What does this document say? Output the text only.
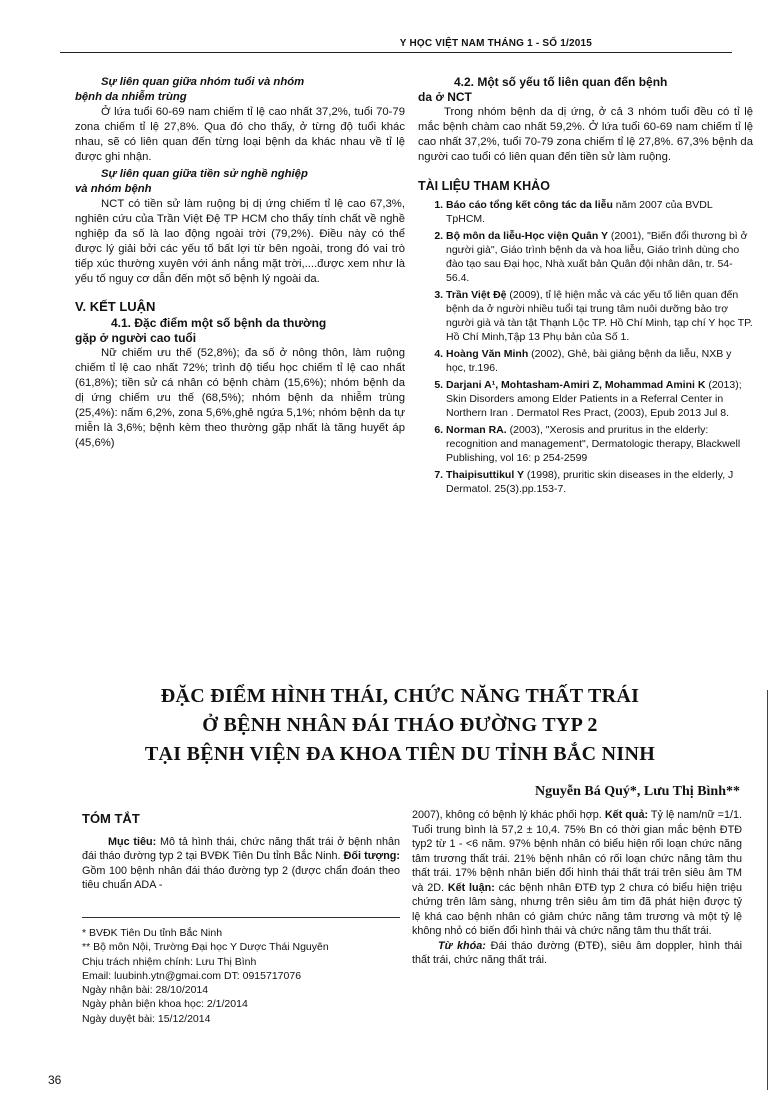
Y HỌC VIỆT NAM THÁNG 1 - SỐ 1/2015

Sự liên quan giữa nhóm tuổi và nhóm

bệnh da nhiễm trùng

Ở lứa tuổi 60-69 nam chiếm tỉ lệ cao nhất 37,2%, tuổi 70-79 zona chiếm tỉ lệ 27,8%. Qua đó cho thấy, ở từng độ tuổi khác nhau, sẽ có liên quan đến từng loại bệnh da khác nhau về tỉ lệ được ghi nhận.

Sự liên quan giữa tiền sử nghề nghiệp

và nhóm bệnh

NCT có tiền sử làm ruộng bị dị ứng chiếm tỉ lệ cao 67,3%, nghiên cứu của Trần Việt Đệ TP HCM cho thấy tính chất về nghề nghiệp đa số là lao động ngoài trời (79,2%). Điều này có thể được lý giải bởi các yếu tố bất lợi từ bên ngoài, trong đó vai trò tiếp xúc thường xuyên với ánh nắng mặt trời,....được xem như là yếu tố nguy cơ dẫn đến một số bệnh lý ngoài da.

V. KẾT LUẬN

4.1. Đặc điểm một số bệnh da thường

gặp ở người cao tuổi

Nữ chiếm ưu thế (52,8%); đa số ở nông thôn, làm ruộng chiếm tỉ lệ cao nhất 72%; trình độ tiểu học chiếm tỉ lệ cao nhất (61,8%); tiền sử cá nhân có bệnh chàm (15,6%); nhóm bệnh da dị ứng chiếm ưu thế (68,5%); nhóm bệnh da nhiễm trùng (25,4%): nấm 6,2%, zona 5,6%,ghẻ ngứa 5,1%; nhóm bệnh da tự miễn là 3,6%; bệnh kèm theo thường gặp nhất là tăng huyết áp (45,6%)

4.2. Một số yếu tố liên quan đến bệnh

da ở NCT

Trong nhóm bệnh da dị ứng, ở cả 3 nhóm tuổi đều có tỉ lệ mắc bệnh chàm cao nhất 59,2%. Ở lứa tuổi 60-69 nam chiếm tỉ lệ cao nhất 37,2%, tuổi 70-79 zona chiếm tỉ lệ 27,8%. 67,3% bệnh da người cao tuổi có liên quan đến tiền sử làm ruộng.

TÀI LIỆU THAM KHẢO
1. Báo cáo tổng kết công tác da liễu năm 2007 của BVDL TpHCM.
2. Bộ môn da liễu-Học viện Quân Y (2001), "Biến đổi thương bì ở người già", Giáo trình bệnh da và hoa liễu, Giáo trình dùng cho đào tạo sau Đại học, Nhà xuất bản Quân đội nhân dân, tr. 54-56.4.
3. Trần Việt Đệ (2009), tỉ lệ hiện mắc và các yếu tố liên quan đến bệnh da ở người nhiều tuổi tại trung tâm nuôi dưỡng bảo trợ người già và tàn tật Thạnh Lộc TP. Hồ Chí Minh, tạp chí Y học TP. Hồ Chí Minh,Tập 13 Phụ bản của Số 1.
4. Hoàng Văn Minh (2002), Ghẻ, bài giảng bệnh da liễu, NXB y học, tr.196.
5. Darjani A¹, Mohtasham-Amiri Z, Mohammad Amini K (2013); Skin Disorders among Elder Patients in a Referral Center in Northern Iran . Dermatol Res Pract, (2003), Epub 2013 Jul 8.
6. Norman RA. (2003), "Xerosis and pruritus in the elderly: recognition and management", Dermatologic therapy, Blackwell Publishing, vol 16: p 254-2599
7. Thaipisuttikul Y (1998), pruritic skin diseases in the elderly, J Dermatol. 25(3).pp.153-7.
ĐẶC ĐIỂM HÌNH THÁI, CHỨC NĂNG THẤT TRÁI
Ở BỆNH NHÂN ĐÁI THÁO ĐƯỜNG TYP 2
TẠI BỆNH VIỆN ĐA KHOA TIÊN DU TỈNH BẮC NINH
Nguyễn Bá Quý*, Lưu Thị Bình**
TÓM TẮT

Mục tiêu: Mô tả hình thái, chức năng thất trái ở bệnh nhân đái tháo đường typ 2 tại BVĐK Tiên Du tỉnh Bắc Ninh. Đối tượng: Gồm 100 bệnh nhân đái tháo đường typ 2 (được chẩn đoán theo tiêu chuẩn ADA -

* BVĐK Tiên Du tỉnh Bắc Ninh
** Bộ môn Nội, Trường Đại học Y Dược Thái Nguyên
Chịu trách nhiệm chính: Lưu Thị Bình
Email: luubinh.ytn@gmai.com DT: 0915717076
Ngày nhận bài: 28/10/2014
Ngày phản biện khoa học: 2/1/2014
Ngày duyệt bài: 15/12/2014

2007), không có bệnh lý khác phối hợp. Kết quả: Tỷ lệ nam/nữ =1/1. Tuổi trung bình là 57,2 ± 10,4. 75% Bn có thời gian mắc bệnh ĐTĐ typ2 từ 1 - <6 năm. 97% bệnh nhân có biểu hiện rối loạn chức năng tâm trương thất trái. 21% bệnh nhân có rối loạn chức năng tâm thu thất trái. 17% bệnh nhân biến đổi hình thái thất trái trên siêu âm TM và 2D. Kết luận: các bệnh nhân ĐTĐ typ 2 chưa có biểu hiện triệu chứng trên lâm sàng, nhưng trên siêu âm tim đã phát hiện được tỷ lệ khá cao bệnh nhân có giảm chức năng tâm trương và một tỷ lệ không nhỏ có biến đổi hình thái và chức năng tâm thu thất trái.

Từ khóa: Đái tháo đường (ĐTĐ), siêu âm doppler, hình thái thất trái, chức năng thất trái.

36
